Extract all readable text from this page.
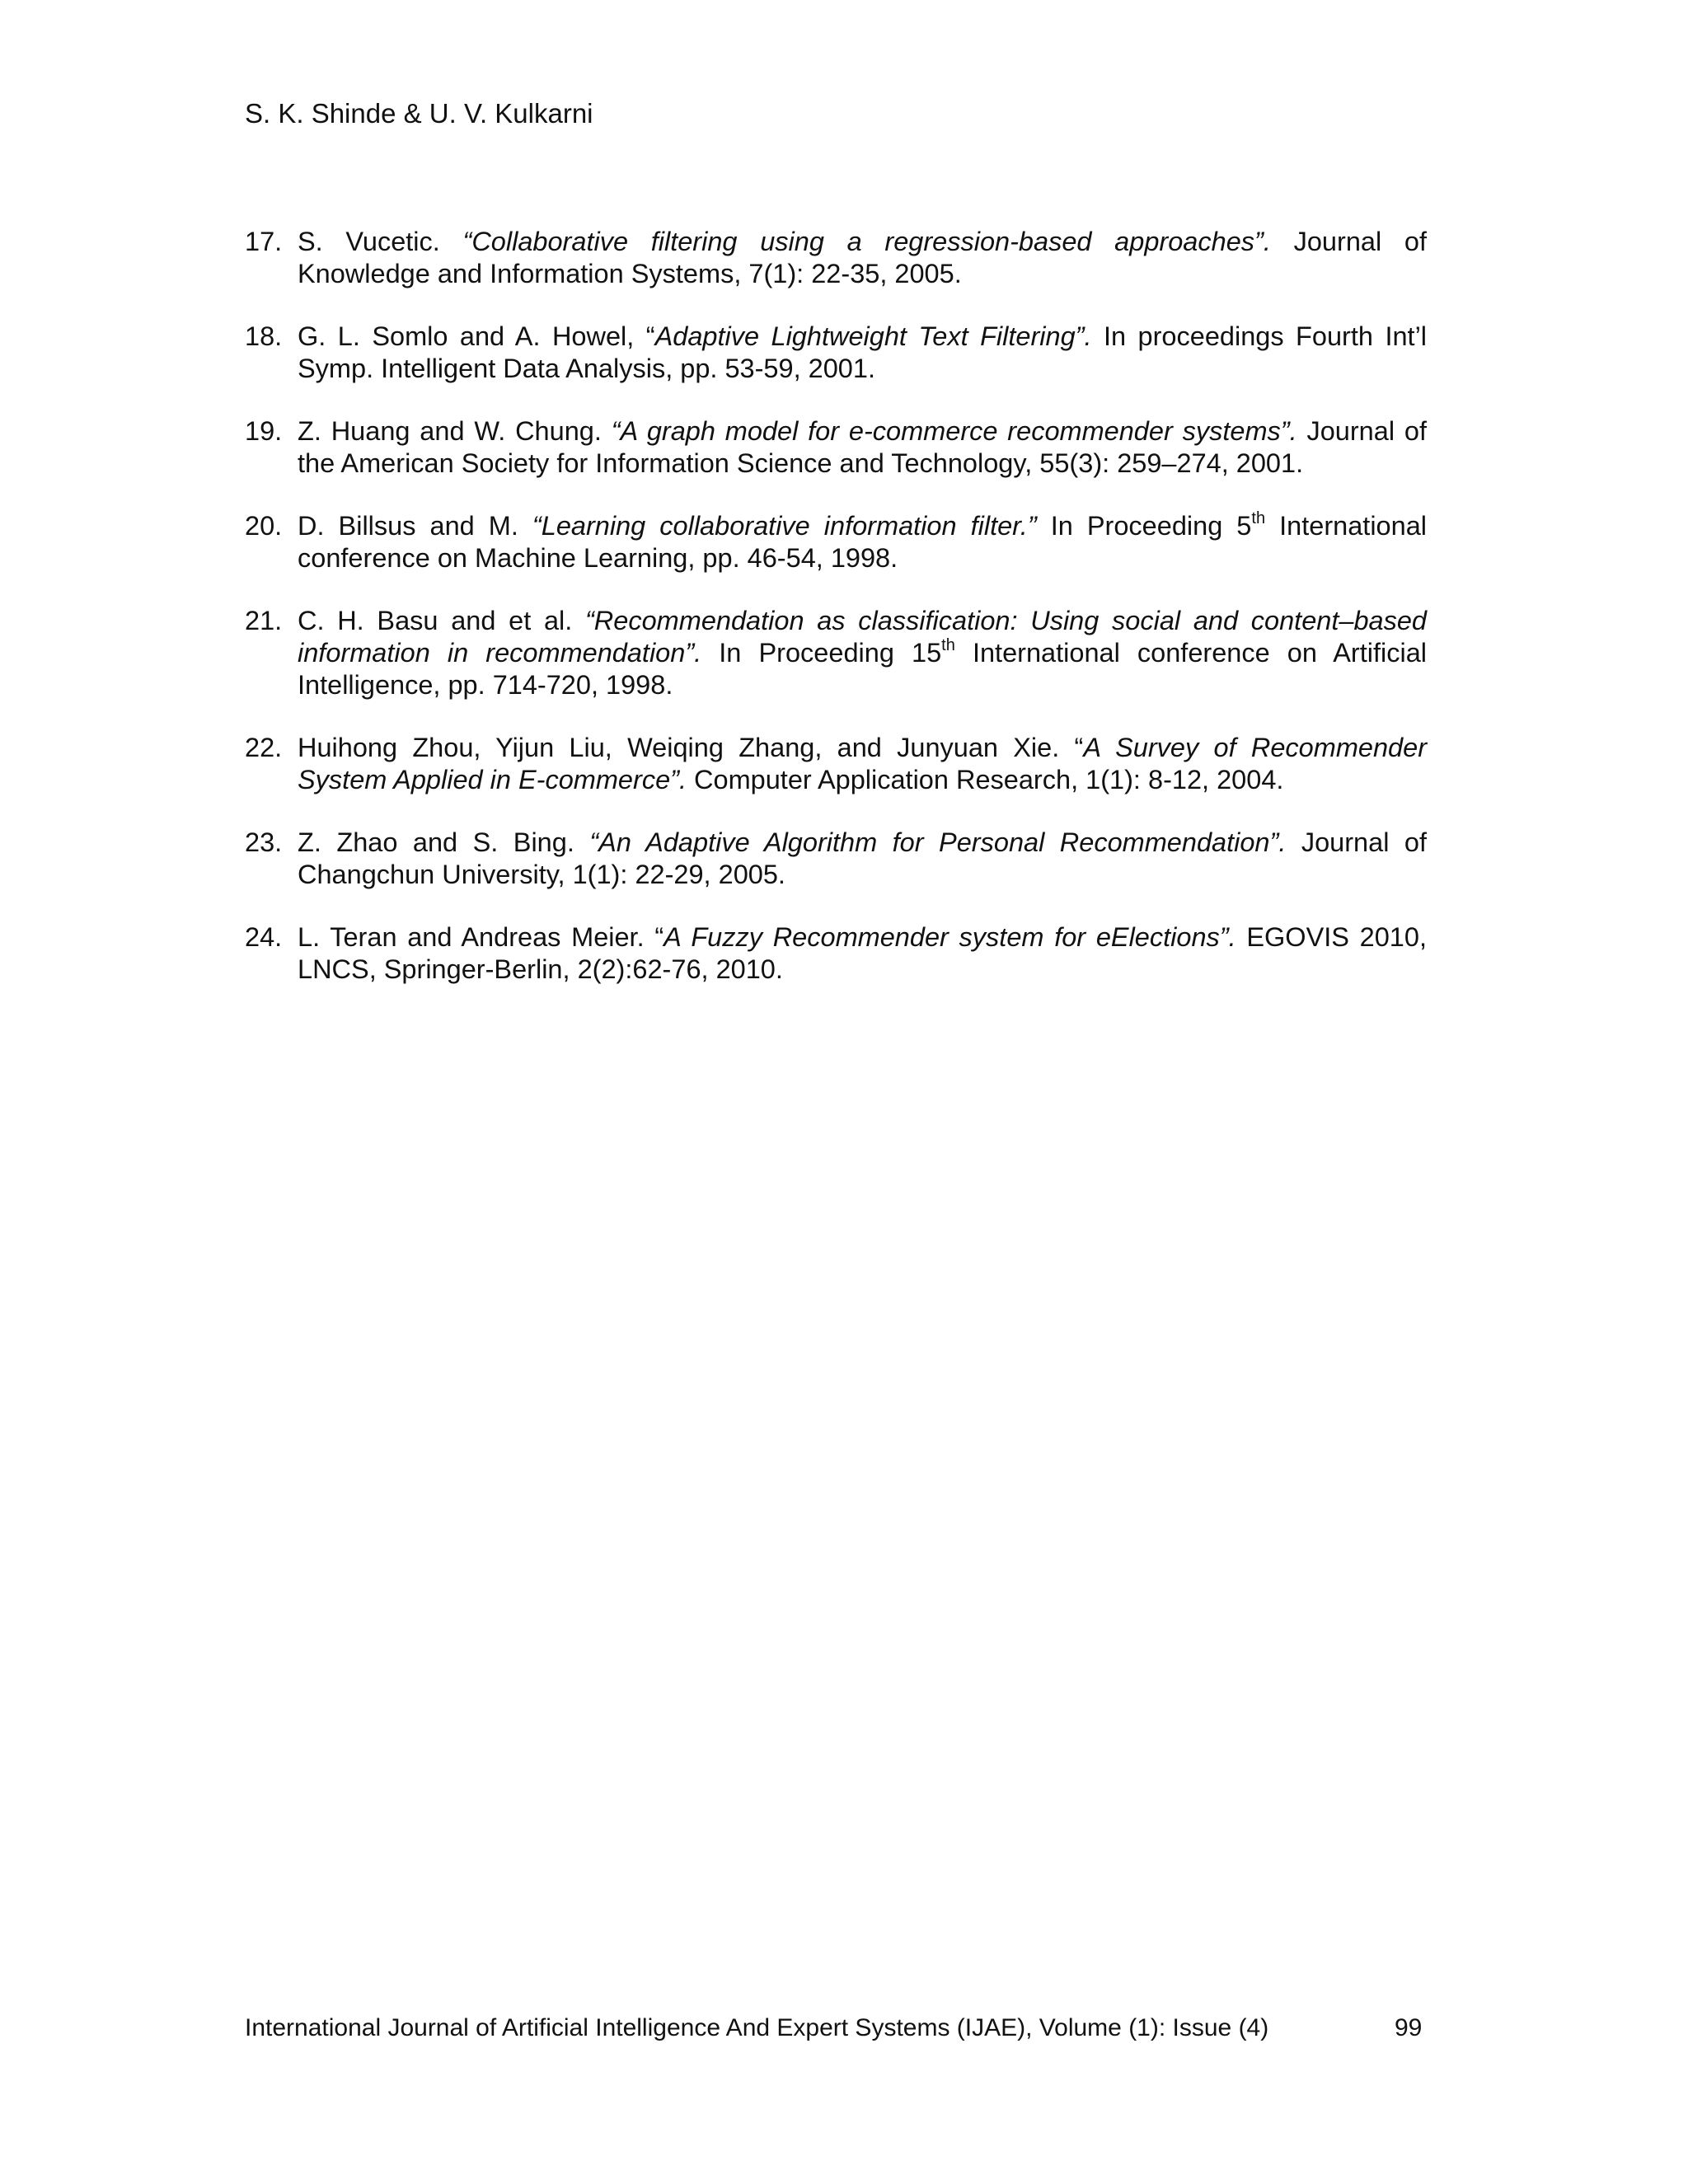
S. K. Shinde & U. V. Kulkarni
17. S. Vucetic. “Collaborative filtering using a regression-based approaches”. Journal of Knowledge and Information Systems, 7(1): 22-35, 2005.
18. G. L. Somlo and A. Howel, “Adaptive Lightweight Text Filtering”. In proceedings Fourth Int’l Symp. Intelligent Data Analysis, pp. 53-59, 2001.
19. Z. Huang and W. Chung. “A graph model for e-commerce recommender systems”. Journal of the American Society for Information Science and Technology, 55(3): 259–274, 2001.
20. D. Billsus and M. “Learning collaborative information filter.” In Proceeding 5th International conference on Machine Learning, pp. 46-54, 1998.
21. C. H. Basu and et al. “Recommendation as classification: Using social and content–based information in recommendation”. In Proceeding 15th International conference on Artificial Intelligence, pp. 714-720, 1998.
22. Huihong Zhou, Yijun Liu, Weiqing Zhang, and Junyuan Xie. “A Survey of Recommender System Applied in E-commerce”. Computer Application Research, 1(1): 8-12, 2004.
23. Z. Zhao and S. Bing. “An Adaptive Algorithm for Personal Recommendation”. Journal of Changchun University, 1(1): 22-29, 2005.
24. L. Teran and Andreas Meier. “A Fuzzy Recommender system for eElections”. EGOVIS 2010, LNCS, Springer-Berlin, 2(2):62-76, 2010.
International Journal of Artificial Intelligence And Expert Systems (IJAE), Volume (1): Issue (4)	99
